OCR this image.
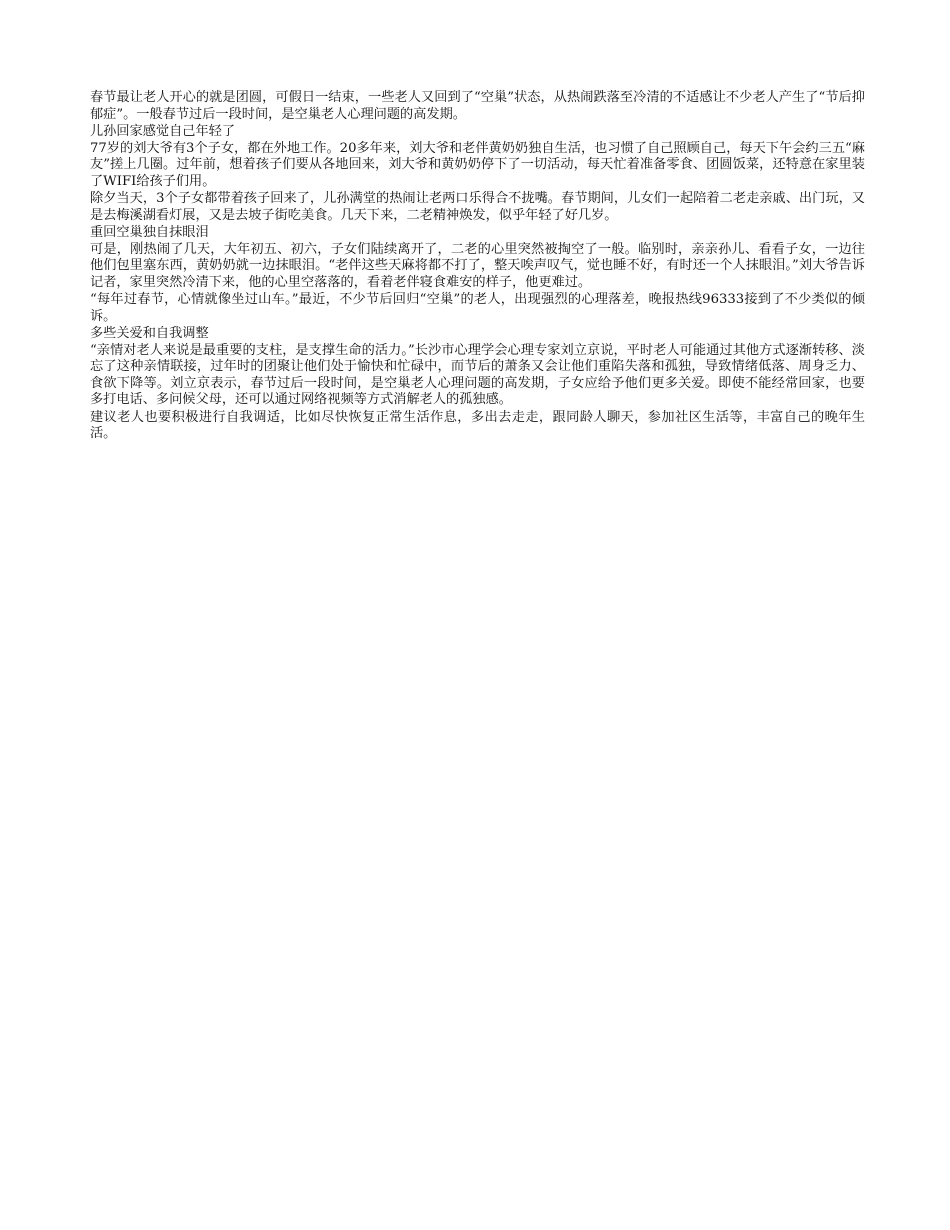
春节最让老人开心的就是团圆，可假日一结束，一些老人又回到了“空巢”状态，从热闹跌落至冷清的不适感让不少老人产生了“节后抑郁症”。一般春节过后一段时间，是空巢老人心理问题的高发期。

儿孙回家感觉自己年轻了

77岁的刘大爷有3个子女，都在外地工作。20多年来，刘大爷和老伴黄奶奶独自生活，也习惯了自己照顾自己，每天下午会约三五“麻友”搓上几圈。过年前，想着孩子们要从各地回来，刘大爷和黄奶奶停下了一切活动，每天忙着准备零食、团圆饭菜，还特意在家里装了WIFI给孩子们用。

除夕当天，3个子女都带着孩子回来了，儿孙满堂的热闹让老两口乐得合不拢嘴。春节期间，儿女们一起陪着二老走亲戚、出门玩，又是去梅溪湖看灯展，又是去坡子街吃美食。几天下来，二老精神焕发，似乎年轻了好几岁。

重回空巢独自抹眼泪

可是，刚热闹了几天，大年初五、初六，子女们陆续离开了，二老的心里突然被掏空了一般。临别时，亲亲孙儿、看看子女，一边往他们包里塞东西，黄奶奶就一边抹眼泪。“老伴这些天麻将都不打了，整天唉声叹气，觉也睡不好，有时还一个人抹眼泪。”刘大爷告诉记者，家里突然冷清下来，他的心里空落落的，看着老伴寝食难安的样子，他更难过。

“每年过春节，心情就像坐过山车。”最近，不少节后回归“空巢”的老人，出现强烈的心理落差，晚报热线96333接到了不少类似的倾诉。

多些关爱和自我调整

“亲情对老人来说是最重要的支柱，是支撑生命的活力。”长沙市心理学会心理专家刘立京说，平时老人可能通过其他方式逐渐转移、淡忘了这种亲情联接，过年时的团聚让他们处于愉快和忙碌中，而节后的萧条又会让他们重陷失落和孤独，导致情绪低落、周身乏力、食欲下降等。刘立京表示，春节过后一段时间，是空巢老人心理问题的高发期，子女应给予他们更多关爱。即使不能经常回家，也要多打电话、多问候父母，还可以通过网络视频等方式消解老人的孤独感。

建议老人也要积极进行自我调适，比如尽快恢复正常生活作息，多出去走走，跟同龄人聊天，参加社区生活等，丰富自己的晚年生活。
